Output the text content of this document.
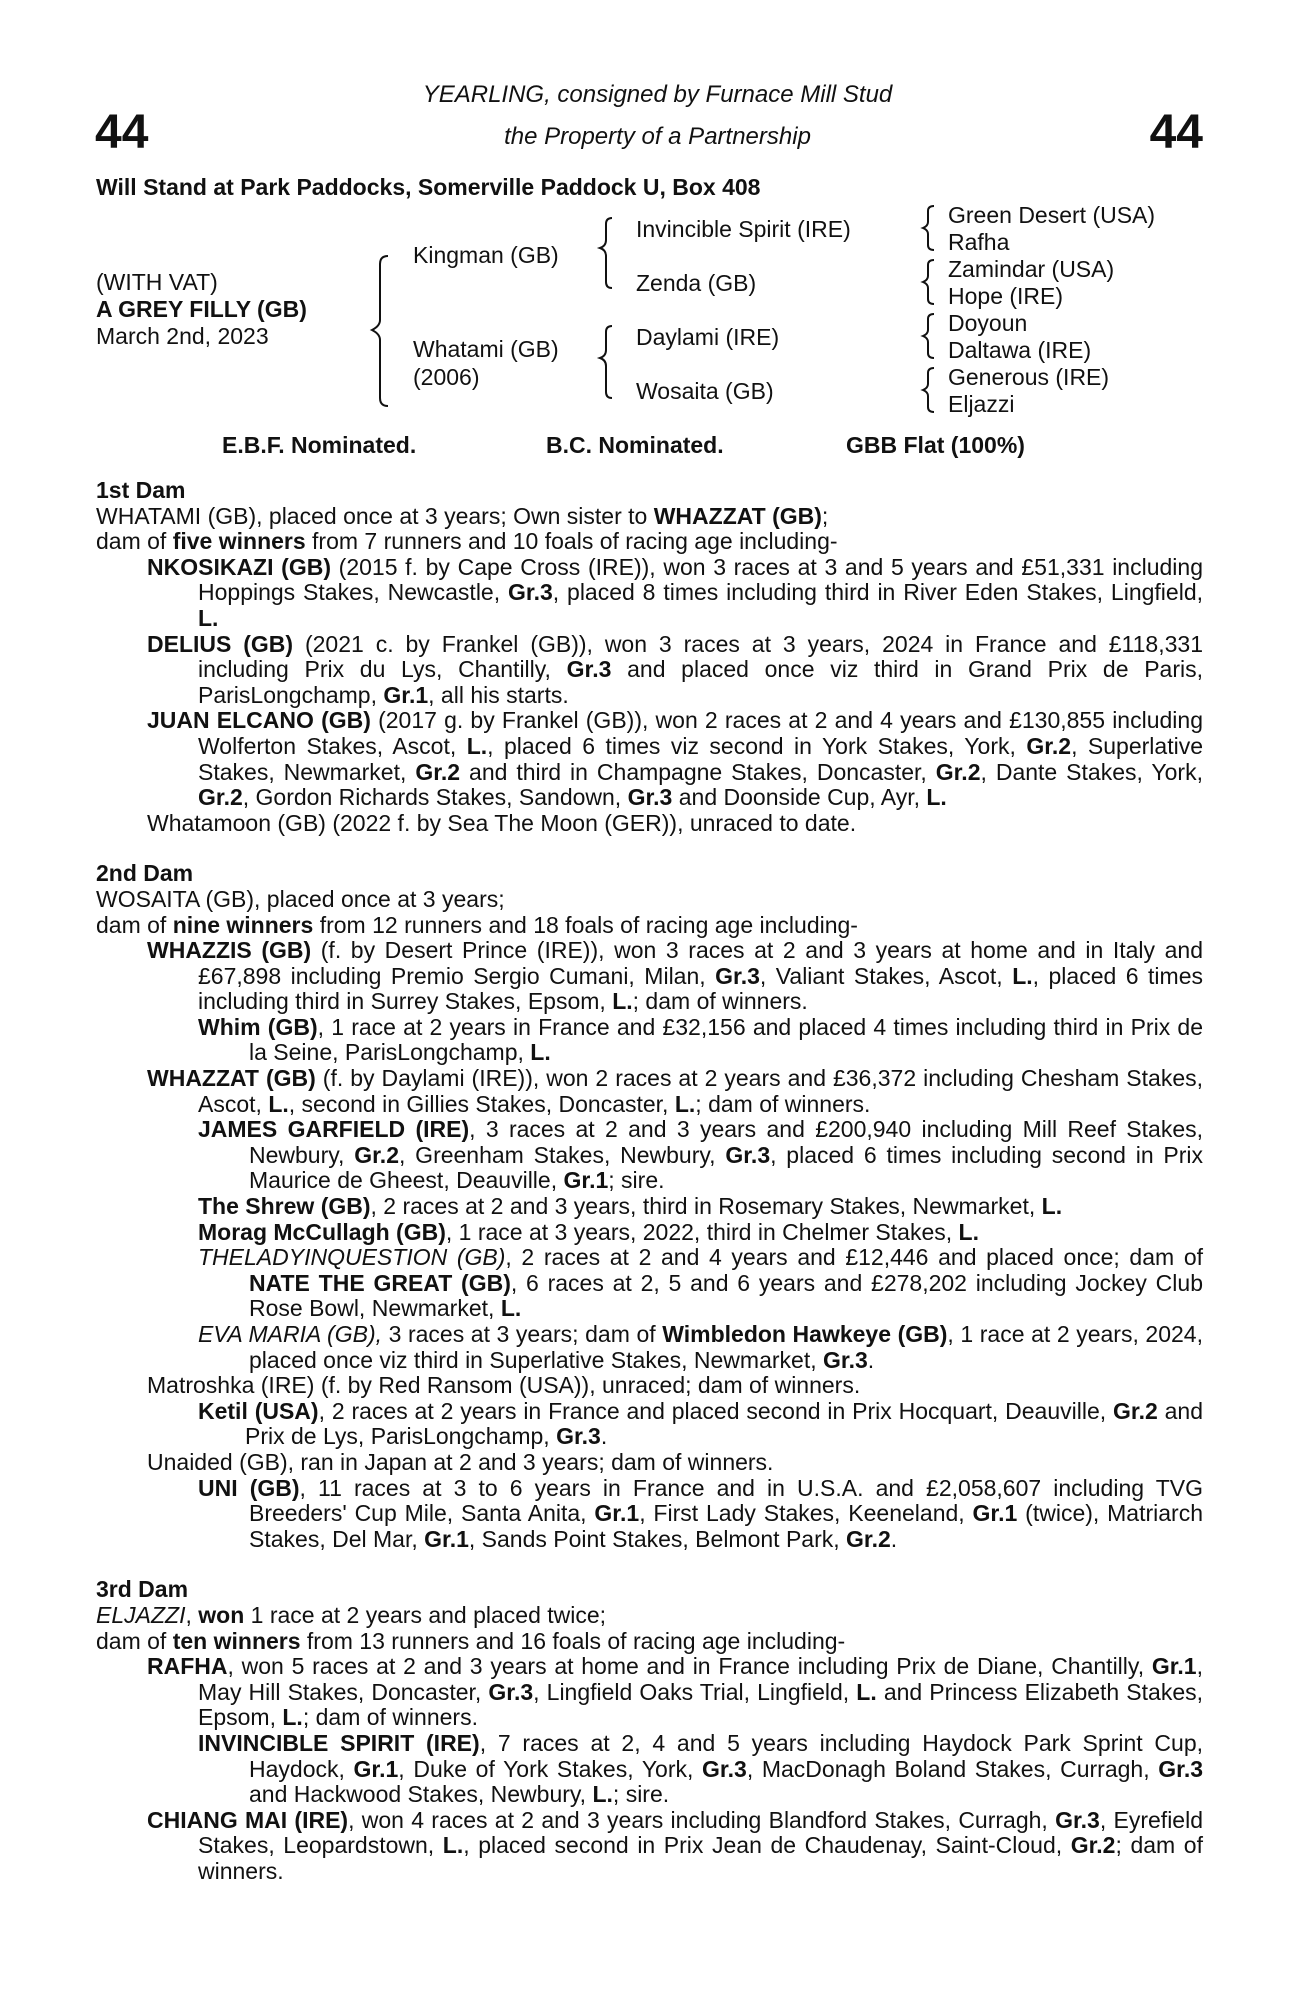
44	44
YEARLING, consigned by Furnace Mill Stud
the Property of a Partnership
Will Stand at Park Paddocks, Somerville Paddock U, Box 408
(WITH VAT)
A GREY FILLY (GB)
March 2nd, 2023
Kingman (GB)
Whatami (GB)
(2006)
Invincible Spirit (IRE)
Zenda (GB)
Daylami (IRE)
Wosaita (GB)
Green Desert (USA)
Rafha
Zamindar (USA)
Hope (IRE)
Doyoun
Daltawa (IRE)
Generous (IRE)
Eljazzi
E.B.F. Nominated.	B.C. Nominated.	GBB Flat (100%)
1st Dam

WHATAMI (GB), placed once at 3 years; Own sister to WHAZZAT (GB);

dam of five winners from 7 runners and 10 foals of racing age including-

NKOSIKAZI (GB) (2015 f. by Cape Cross (IRE)), won 3 races at 3 and 5 years and £51,331 including Hoppings Stakes, Newcastle, Gr.3, placed 8 times including third in River Eden Stakes, Lingfield, L.

DELIUS (GB) (2021 c. by Frankel (GB)), won 3 races at 3 years, 2024 in France and £118,331 including Prix du Lys, Chantilly, Gr.3 and placed once viz third in Grand Prix de Paris, ParisLongchamp, Gr.1, all his starts.

JUAN ELCANO (GB) (2017 g. by Frankel (GB)), won 2 races at 2 and 4 years and £130,855 including Wolferton Stakes, Ascot, L., placed 6 times viz second in York Stakes, York, Gr.2, Superlative Stakes, Newmarket, Gr.2 and third in Champagne Stakes, Doncaster, Gr.2, Dante Stakes, York, Gr.2, Gordon Richards Stakes, Sandown, Gr.3 and Doonside Cup, Ayr, L.

Whatamoon (GB) (2022 f. by Sea The Moon (GER)), unraced to date.

2nd Dam

WOSAITA (GB), placed once at 3 years;

dam of nine winners from 12 runners and 18 foals of racing age including-

WHAZZIS (GB) (f. by Desert Prince (IRE)), won 3 races at 2 and 3 years at home and in Italy and £67,898 including Premio Sergio Cumani, Milan, Gr.3, Valiant Stakes, Ascot, L., placed 6 times including third in Surrey Stakes, Epsom, L.; dam of winners.

Whim (GB), 1 race at 2 years in France and £32,156 and placed 4 times including third in Prix de la Seine, ParisLongchamp, L.

WHAZZAT (GB) (f. by Daylami (IRE)), won 2 races at 2 years and £36,372 including Chesham Stakes, Ascot, L., second in Gillies Stakes, Doncaster, L.; dam of winners.

JAMES GARFIELD (IRE), 3 races at 2 and 3 years and £200,940 including Mill Reef Stakes, Newbury, Gr.2, Greenham Stakes, Newbury, Gr.3, placed 6 times including second in Prix Maurice de Gheest, Deauville, Gr.1; sire.

The Shrew (GB), 2 races at 2 and 3 years, third in Rosemary Stakes, Newmarket, L.

Morag McCullagh (GB), 1 race at 3 years, 2022, third in Chelmer Stakes, L.

THELADYINQUESTION (GB), 2 races at 2 and 4 years and £12,446 and placed once; dam of NATE THE GREAT (GB), 6 races at 2, 5 and 6 years and £278,202 including Jockey Club Rose Bowl, Newmarket, L.

EVA MARIA (GB), 3 races at 3 years; dam of Wimbledon Hawkeye (GB), 1 race at 2 years, 2024, placed once viz third in Superlative Stakes, Newmarket, Gr.3.

Matroshka (IRE) (f. by Red Ransom (USA)), unraced; dam of winners.

Ketil (USA), 2 races at 2 years in France and placed second in Prix Hocquart, Deauville, Gr.2 and Prix de Lys, ParisLongchamp, Gr.3.

Unaided (GB), ran in Japan at 2 and 3 years; dam of winners.

UNI (GB), 11 races at 3 to 6 years in France and in U.S.A. and £2,058,607 including TVG Breeders' Cup Mile, Santa Anita, Gr.1, First Lady Stakes, Keeneland, Gr.1 (twice), Matriarch Stakes, Del Mar, Gr.1, Sands Point Stakes, Belmont Park, Gr.2.

3rd Dam

ELJAZZI, won 1 race at 2 years and placed twice;

dam of ten winners from 13 runners and 16 foals of racing age including-

RAFHA, won 5 races at 2 and 3 years at home and in France including Prix de Diane, Chantilly, Gr.1, May Hill Stakes, Doncaster, Gr.3, Lingfield Oaks Trial, Lingfield, L. and Princess Elizabeth Stakes, Epsom, L.; dam of winners.

INVINCIBLE SPIRIT (IRE), 7 races at 2, 4 and 5 years including Haydock Park Sprint Cup, Haydock, Gr.1, Duke of York Stakes, York, Gr.3, MacDonagh Boland Stakes, Curragh, Gr.3 and Hackwood Stakes, Newbury, L.; sire.

CHIANG MAI (IRE), won 4 races at 2 and 3 years including Blandford Stakes, Curragh, Gr.3, Eyrefield Stakes, Leopardstown, L., placed second in Prix Jean de Chaudenay, Saint-Cloud, Gr.2; dam of winners.
